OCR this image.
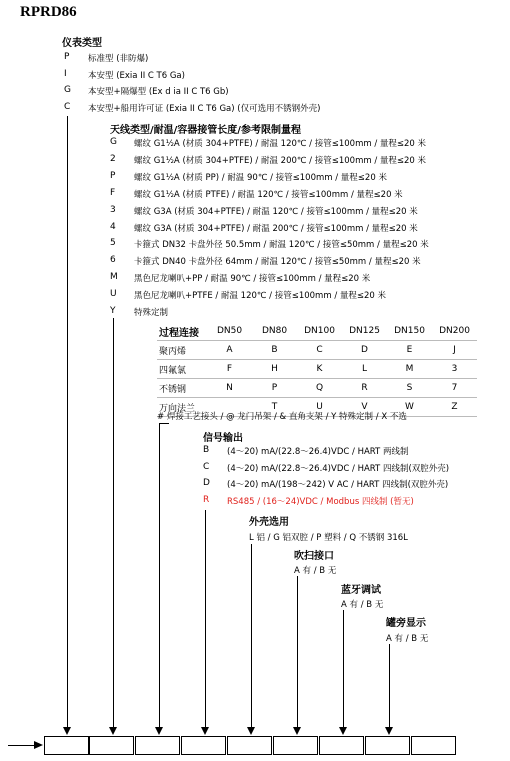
RPRD86
仪表类型
P	标准型 (非防爆)
I	本安型 (Exia II C T6 Ga)
G	本安型+隔爆型 (Ex d ia II C T6 Gb)
C	本安型+船用许可证 (Exia II C T6 Ga) (仅可选用不锈钢外壳)
天线类型/耐温/容器接管长度/参考限制量程
G	螺纹 G1½A (材质 304+PTFE) / 耐温 120℃ / 接管≤100mm / 量程≤20 米
2	螺纹 G1½A (材质 304+PTFE) / 耐温 200℃ / 接管≤100mm / 量程≤20 米
P	螺纹 G1½A (材质 PP) / 耐温 90℃ / 接管≤100mm / 量程≤20 米
F	螺纹 G1½A (材质 PTFE) / 耐温 120℃ / 接管≤100mm / 量程≤20 米
3	螺纹 G3A (材质 304+PTFE) / 耐温 120℃ / 接管≤100mm / 量程≤20 米
4	螺纹 G3A (材质 304+PTFE) / 耐温 200℃ / 接管≤100mm / 量程≤20 米
5	卡箍式 DN32 卡盘外径 50.5mm / 耐温 120℃ / 接管≤50mm / 量程≤20 米
6	卡箍式 DN40 卡盘外径 64mm / 耐温 120℃ / 接管≤50mm / 量程≤20 米
M	黑色尼龙喇叭+PP / 耐温 90℃ / 接管≤100mm / 量程≤20 米
U	黑色尼龙喇叭+PTFE / 耐温 120℃ / 接管≤100mm / 量程≤20 米
Y	特殊定制
过程连接	DN50	DN80	DN100	DN125	DN150	DN200
聚丙烯	A	B	C	D	E	J
四氟氯	F	H	K	L	M	3
不锈钢	N	P	Q	R	S	7
万向法兰		T	U	V	W	Z
# 焊接工艺接头 / @ 龙门吊架 / & 直角支架 / Y 特殊定制 / X 不选
信号输出
B	(4～20) mA/(22.8～26.4)VDC / HART 两线制
C	(4～20) mA/(22.8～26.4)VDC / HART 四线制(双腔外壳)
D	(4～20) mA/(198～242) V AC / HART 四线制(双腔外壳)
R	RS485 / (16～24)VDC / Modbus 四线制 (暂无)
外壳选用
L 铝 / G 铝双腔 / P 塑料 / Q 不锈钢 316L
吹扫接口
A 有 / B 无
蓝牙调试
A 有 / B 无
罐旁显示
A 有 / B 无
